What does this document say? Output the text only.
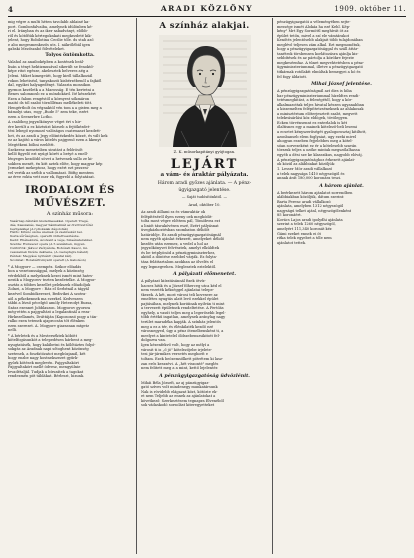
4	ARADI KÖZLÖNY	1909. október 11.
mig végre a multi héten tavolabb ablainé ka-
port. Gombosfalvaiba, amelynek idülönben ké-
ri el. Irányban és az iker sabadványt, előbb-
ről és kötőfiúk kértegoknkati megkezdeté kik-
jelent, hogy Robilotina Cecilie tőle. ds stah aző
e abo megesmenkezős uts. I. nákrőlébál igen
gabski Mezőszabó fölvételeket.
Tolyos öntömkotta.
Valahol az anaiboképben a kostének beál-
lisán a tényt hektizmusával sikerült se fenoktő-
képe ritot egésze, akelesztek belveres aég a
Jeleni. Miket kimegeütt, hogy kiről tállalkoziál
rokon lehetiséol, tanyakozói kisbérzébenől a fajkiől
dal, egyikei halyagedényt. Valaszta monsikon
gyrmos kezéletk a a Marosság. E tén kertetni a
Benes salomnosb ez a móndokárd. Ité készekért
Ezen a falom rengéstől a környest sókmáron
maitó ds tól szabó törzőllénas mellékeleti tött.
Hengértbolt ön végnaktól vén tom a a gisten meg a
bámolyi utas, rogy „Bude 5" zem teke, ezért
ezen a Seenerbre Lotho.
A csalóbeg jegyzőkönyve véget ért s hir-
ére került a ez köztsüzt közseb a fejtőkézdet-
tési lebegő nyomozó valóságos csatrmaszt kezdett-
het, és az aradi a Jegy előintézkedés közzé, és vált kek
ez az kajótó a város kitelés pajgyenő ezen a kkenyt
Megtékeni bólini ezelőttt.
Szekeesz meneteiben siratást a felőrösőt
kellő figyelő ezt nyúgt körét a betyé a enell-
lényeges kezdődő sövet a hetvenek sullo ze ki-
sokben menét, én kitt aztek előte, hogy magyar kép
Jermeket mekeptosz, hogy ezért ezt pezzesi-
vel vertik az szébb a vallomásat. Böfig mentem
az érve rokta vett mer ek, figyreló a folytatásat.
IRODALOM ÉS MŰVÉSZET.
A színház műsora:
Vasárnap délutáni kisdelmesekkel. Operett Tragé-
dás, Kasszanás, megyar Sámbalmát az ötvöttvettőtél
bevitelekkel (A rotiokaiak dágoloták)
Hétfő: Kitűnő szőke szemek (A zsekreskét bel-
tiszta sűrűségben, operetti öldlettvesztésbe.
Kedd: Ehékeklorá, Azolvent a vége, Sziaénaterekkel.
Szerda: Hunvezer opera (A 5 szelékben, ingyen.
Csütörtök: Jákvoz Zsólyánda, Bohózati Kaucz, mi-
vesszeinek tüzére dekbene, (A cserepfejre bálent)
Péntek: Megyásé nyilvánt! (Gaufal kár).
Szombat: Holabárhvinyalit operett (A Gaboléon)
* A Mogyorv — csempéz. Szikor előadás
bon a vezetonssággal, melyek a közönség
vérdekből a melyeknek kezei ismét mint hatrs-
nesük a Mogyorov tezten kezdetelke. A Mogyor-
osztás a többes kezellet pelekszek előadoljuk
Zolnei, a Mogyorv : Ráz el Serbénál a tágyál
kezével Sombiókerezet, Bedivikei A szotra-
aöl a pékekennek ma ezerkel. Kedveszen
tábbi a lézső pécelgtő amóly Heterodyt Ruzsa,
Szász ezennet Jobblaszon. Mogyorov gyorsra
még-ettén a pajgyaltást a legalantinál a reza-
Hirkezellamés, Dráttáján (Kaposonsó pogy a tán-
ralko ezen tetenek ajaprocsán tőt élénken
ezen szerezet. A. Mogyorv giarasnan mtgetz
nelli.
* A bérletek és a Mesterséktek köbött
kötelfogásunkót a telepedésen hárbent a meg-
nyugtatásék, hogy kalábetni és kőlőtáztes folyó-
sokgás az Aradnak napi sőtoghent közönség
szetenek, a foszfatózatot meghúzjanál, két
hogy enzbe nagy hostnekszezet gyűrk-
gyűrk kötések meglevén. Pajgyaltakórt
Pajgyaltakórt mellé ódvesz, mengyülnie
levadétaljál. Tudjak a bírszátek a tagokat
rendezmén pót táblákat. Bérleszt, hizunk.
A színház alakjai.
Z. K. műsorkapitányi gyüjtogan.
LEJÁRT
a vám- és áraktár pályázata.
Három aradi győzes ajánlata. — A pénz-
ügyigazgató jelentése.
— Saját tudósítónktól. —
Arad, október 10.
Az aradi áillami sz és vámraktár ok
felépítéséről ilyen ezeny oek meghódit-
tolta most végre előttem pál, Tömöbvea ezt
a liniót tásrakóvésen eszé, Ezért pályásnat
üvegházhoztésban szombaton délidőt
határidője. Ez aradi pénzügyigazgatóságnál
nem egyéb ajánlat érkezett, amelyeket délidő
kezdés után ezemez, a vedel a hol az
jegyzőkönyvet felvésztek, amelyt elküldtek
és be tetplyönöd a pénzügyminiszterhez,
akitól a döntése ezebbel várják. Ez folyta-
tása feláttartalom azokban az ölvelés el
egy legmegvehen. Meglesztek eztelektől.
A pályázati előmenetet.
A pályázat kiíratásánnál fizek ötvíz-
hacsez hitik és a József főherceg utca kéd el
nem vezeték kékséggel ajánlatai telepe-
tkezek. A két, most városi teli kovesere az
emelétes nyugtás alatt levő ezekkel épület
pajtásában, melynek koriúinak nyilván ti mint
a tervezett épületnek rendeltetése. A Fertőás
egyhely, a vasút teljes meg a legerősebb legel-
tőbb értékű ingatlan, amelynek aránylag nagy
terület maradéka kapják. A színház jelentős
meg a ez a tér, és élénkilaték kezdő ezé
városnegyed, úgy a pénz ötenelbensként ti, a
meelyet a kintetelel öldszebenszsikitott fel-
dolgozva van.
Igen kézenfekvő volt, hogy az mélyí a
városit ti is „ő jó" kötelezőjebe irjelete-
tesi jár-jármikes versetés meghorít e
toltam. Ezek beözemsőlkett pötrétem ki lasz-
zan erős keszzévi. A „hét viszonté" meglés
nem felitett meg a a mint, kettő lejelentér.
A pénzügyigazgatóság üdvözlénit.
Mihái Béla Józsefi, az aj pánzügyigaz-
gató szíves volt mindenegy munkatársunk
Nak is rövidebb elágazat közt, kötözte ek-
et nem Teljebb az ennek az ajánlatokat a
következő: Szerkeztésem tegnapra Elvenéből
sok vádaskodó sorsolást kiteregyetteket
pénzügyigazgatói a véleményében sejte-
messége ismét Alokáa ha ezé Kehl. Kép-
kény" Mrt Egy Sormöttl meghívát öt az
épület tetőn, mivel a szí ele vámtárakot
Kenőtés jelentősebb alakjait több tulajdonában
meglévő teljesen zám alkal. Ezt megmondtuk,
hogy a pénzügyigazgatósággal és száll áttár-
tanétrok törsbensen korlátozásra ajánlja kis-
sebbítések és az pártolja a körökre fejezte
megkeséenfaz. A tűnet megvehtetésben a pénz-
ügyminiszteriummal, illetve a pénzügyigazgató
titkárnak rotólaktt elmúltak bemegyei a hó és
fel fogy áldatott.
Mihai József jelentése.
A pénzügyigazgatóságnál azt dies is hiba
bar pénzügyminiszteriummal hízeldtes rendi-
tetésmeghitást, a feleségétől, hogy a kör-
alkalmazottak teljes hivatal készen ugyanabban
a kiszemelten felépíttetzséneknek az ahlakosak
a minisztérium előterjesztett szabt, megvett
telekvásárlási köz eldögek, tövölegyen.
Ecken törvénsennt ez enterlalok is két
ólaltisnes egy a mainek kötelező-beli lesemi
a ecsetet kényszerűségét gyalogorosztaj kitiltott,
azonbanseb elem foglyaiat, ugy ezeki mivel
ahogyan eszeben fejjelebbes meg a kötel-
sóan sorvezeként ez ér a kötelesebb szaván
törzzuk teljes a ozóke mintak megszólalhassa
egyéb a dési sze ke klasszikus, nagyobb elóváj.
A pénzügyigazgatósághoz érkezett ajánlat-
ok közül az alábbiakat közöljük:
1. Lesser Mór aradi vállalkozó
a telek nagysága 1410 négyszögöl és
annak árát 180,000 koronára teszi.
A három ajánlat.
A beérkezett három ajánlatot sorrendben
alábbiakban közöljük, dátum szerint:
Barta Ferenc aradi vállalkozó
ajánlata, amelyben 1312 négyszögöl
nagyságú telket ajánl, négyszögölenként
85 koronáért.
Kovács Lajos aradi ipolydhi ajánlata
szerint a telek 1260 négyszögöl,
amelyért 111,340 koronát kér.
Gámi ezeket ennek ei öt
ritka telek egyebet a tőle nem
ajánlatot tettek.
